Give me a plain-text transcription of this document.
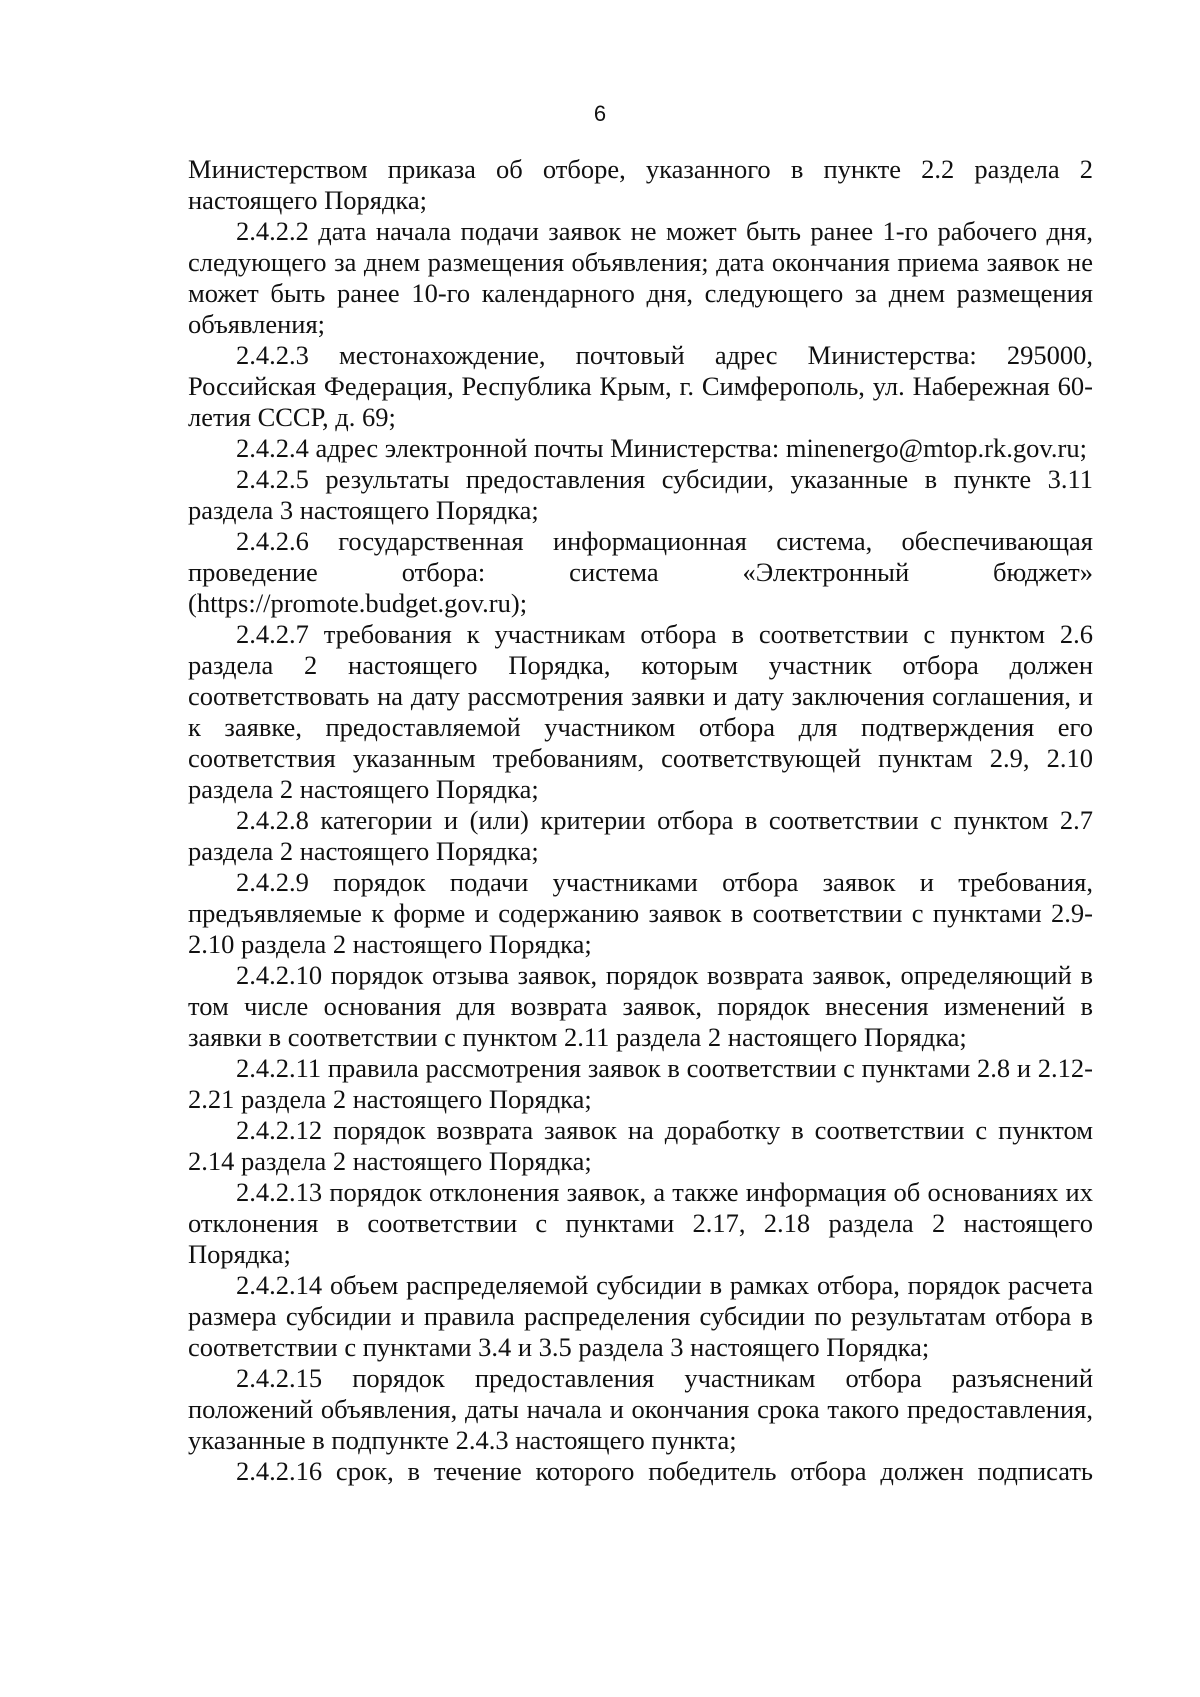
6

Министерством приказа об отборе, указанного в пункте 2.2 раздела 2 настоящего Порядка;

2.4.2.2 дата начала подачи заявок не может быть ранее 1-го рабочего дня, следующего за днем размещения объявления; дата окончания приема заявок не может быть ранее 10-го календарного дня, следующего за днем размещения объявления;

2.4.2.3 местонахождение, почтовый адрес Министерства: 295000, Российская Федерация, Республика Крым, г. Симферополь, ул. Набережная 60-летия СССР, д. 69;

2.4.2.4 адрес электронной почты Министерства: minenergo@mtop.rk.gov.ru;

2.4.2.5 результаты предоставления субсидии, указанные в пункте 3.11 раздела 3 настоящего Порядка;

2.4.2.6 государственная информационная система, обеспечивающая проведение отбора: система «Электронный бюджет» (https://promote.budget.gov.ru);

2.4.2.7 требования к участникам отбора в соответствии с пунктом 2.6 раздела 2 настоящего Порядка, которым участник отбора должен соответствовать на дату рассмотрения заявки и дату заключения соглашения, и к заявке, предоставляемой участником отбора для подтверждения его соответствия указанным требованиям, соответствующей пунктам 2.9, 2.10 раздела 2 настоящего Порядка;

2.4.2.8 категории и (или) критерии отбора в соответствии с пунктом 2.7 раздела 2 настоящего Порядка;

2.4.2.9 порядок подачи участниками отбора заявок и требования, предъявляемые к форме и содержанию заявок в соответствии с пунктами 2.9-2.10 раздела 2 настоящего Порядка;

2.4.2.10 порядок отзыва заявок, порядок возврата заявок, определяющий в том числе основания для возврата заявок, порядок внесения изменений в заявки в соответствии с пунктом 2.11 раздела 2 настоящего Порядка;

2.4.2.11 правила рассмотрения заявок в соответствии с пунктами 2.8 и 2.12-2.21 раздела 2 настоящего Порядка;

2.4.2.12 порядок возврата заявок на доработку в соответствии с пунктом 2.14 раздела 2 настоящего Порядка;

2.4.2.13 порядок отклонения заявок, а также информация об основаниях их отклонения в соответствии с пунктами 2.17, 2.18 раздела 2 настоящего Порядка;

2.4.2.14 объем распределяемой субсидии в рамках отбора, порядок расчета размера субсидии и правила распределения субсидии по результатам отбора в соответствии с пунктами 3.4 и 3.5 раздела 3 настоящего Порядка;

2.4.2.15 порядок предоставления участникам отбора разъяснений положений объявления, даты начала и окончания срока такого предоставления, указанные в подпункте 2.4.3 настоящего пункта;

2.4.2.16 срок, в течение которого победитель отбора должен подписать
